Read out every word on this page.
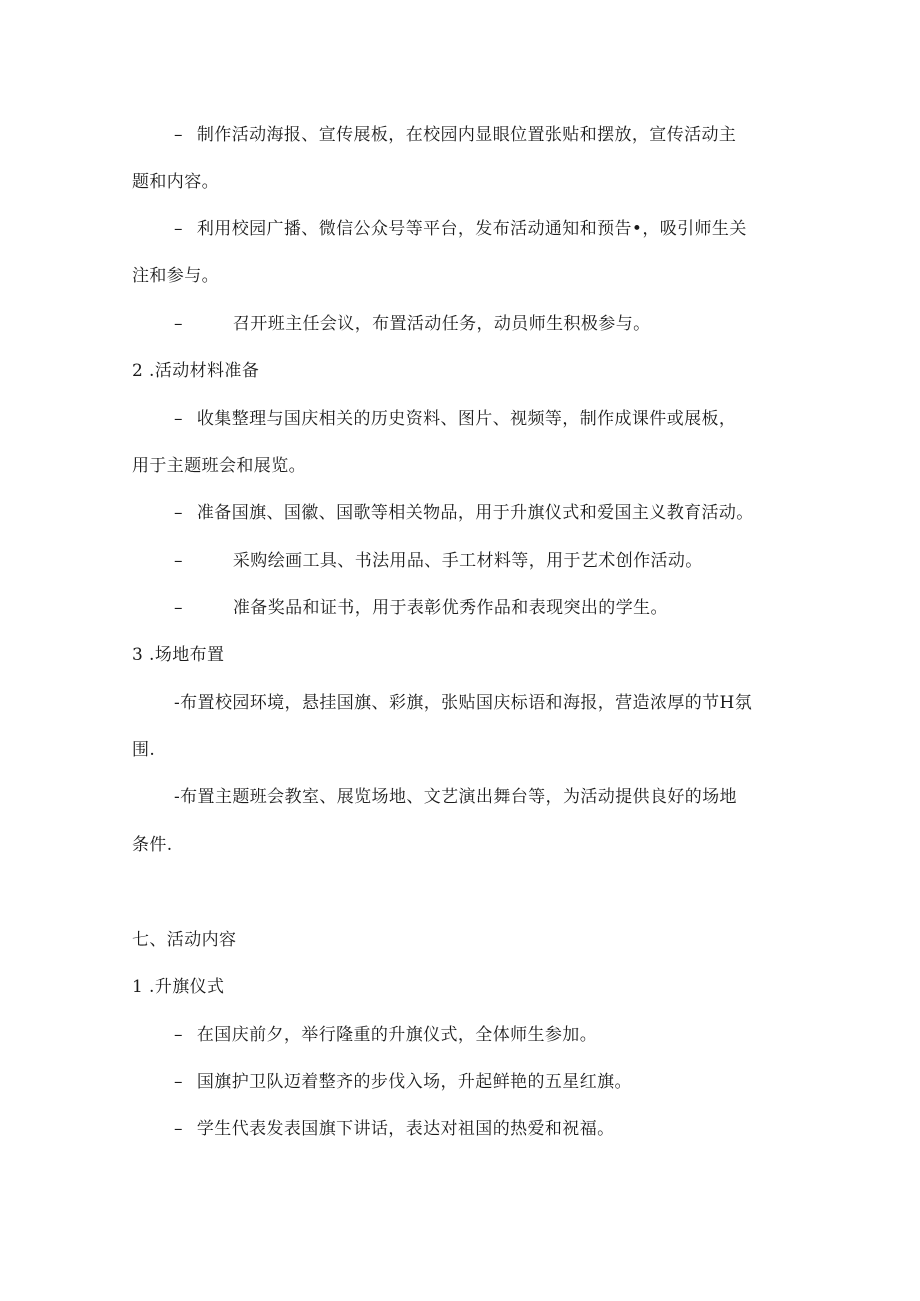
– 制作活动海报、宣传展板，在校园内显眼位置张贴和摆放，宣传活动主
题和内容。
– 利用校园广播、微信公众号等平台，发布活动通知和预告•，吸引师生关
注和参与。
–	召开班主任会议，布置活动任务，动员师生积极参与。
2 .活动材料准备
– 收集整理与国庆相关的历史资料、图片、视频等，制作成课件或展板，
用于主题班会和展览。
– 准备国旗、国徽、国歌等相关物品，用于升旗仪式和爱国主义教育活动。
–	采购绘画工具、书法用品、手工材料等，用于艺术创作活动。
–	准备奖品和证书，用于表彰优秀作品和表现突出的学生。
3 .场地布置
-布置校园环境，悬挂国旗、彩旗，张贴国庆标语和海报，营造浓厚的节H氛
围.
-布置主题班会教室、展览场地、文艺演出舞台等，为活动提供良好的场地
条件.
七、活动内容
1 .升旗仪式
– 在国庆前夕，举行隆重的升旗仪式，全体师生参加。
– 国旗护卫队迈着整齐的步伐入场，升起鲜艳的五星红旗。
– 学生代表发表国旗下讲话，表达对祖国的热爱和祝福。
